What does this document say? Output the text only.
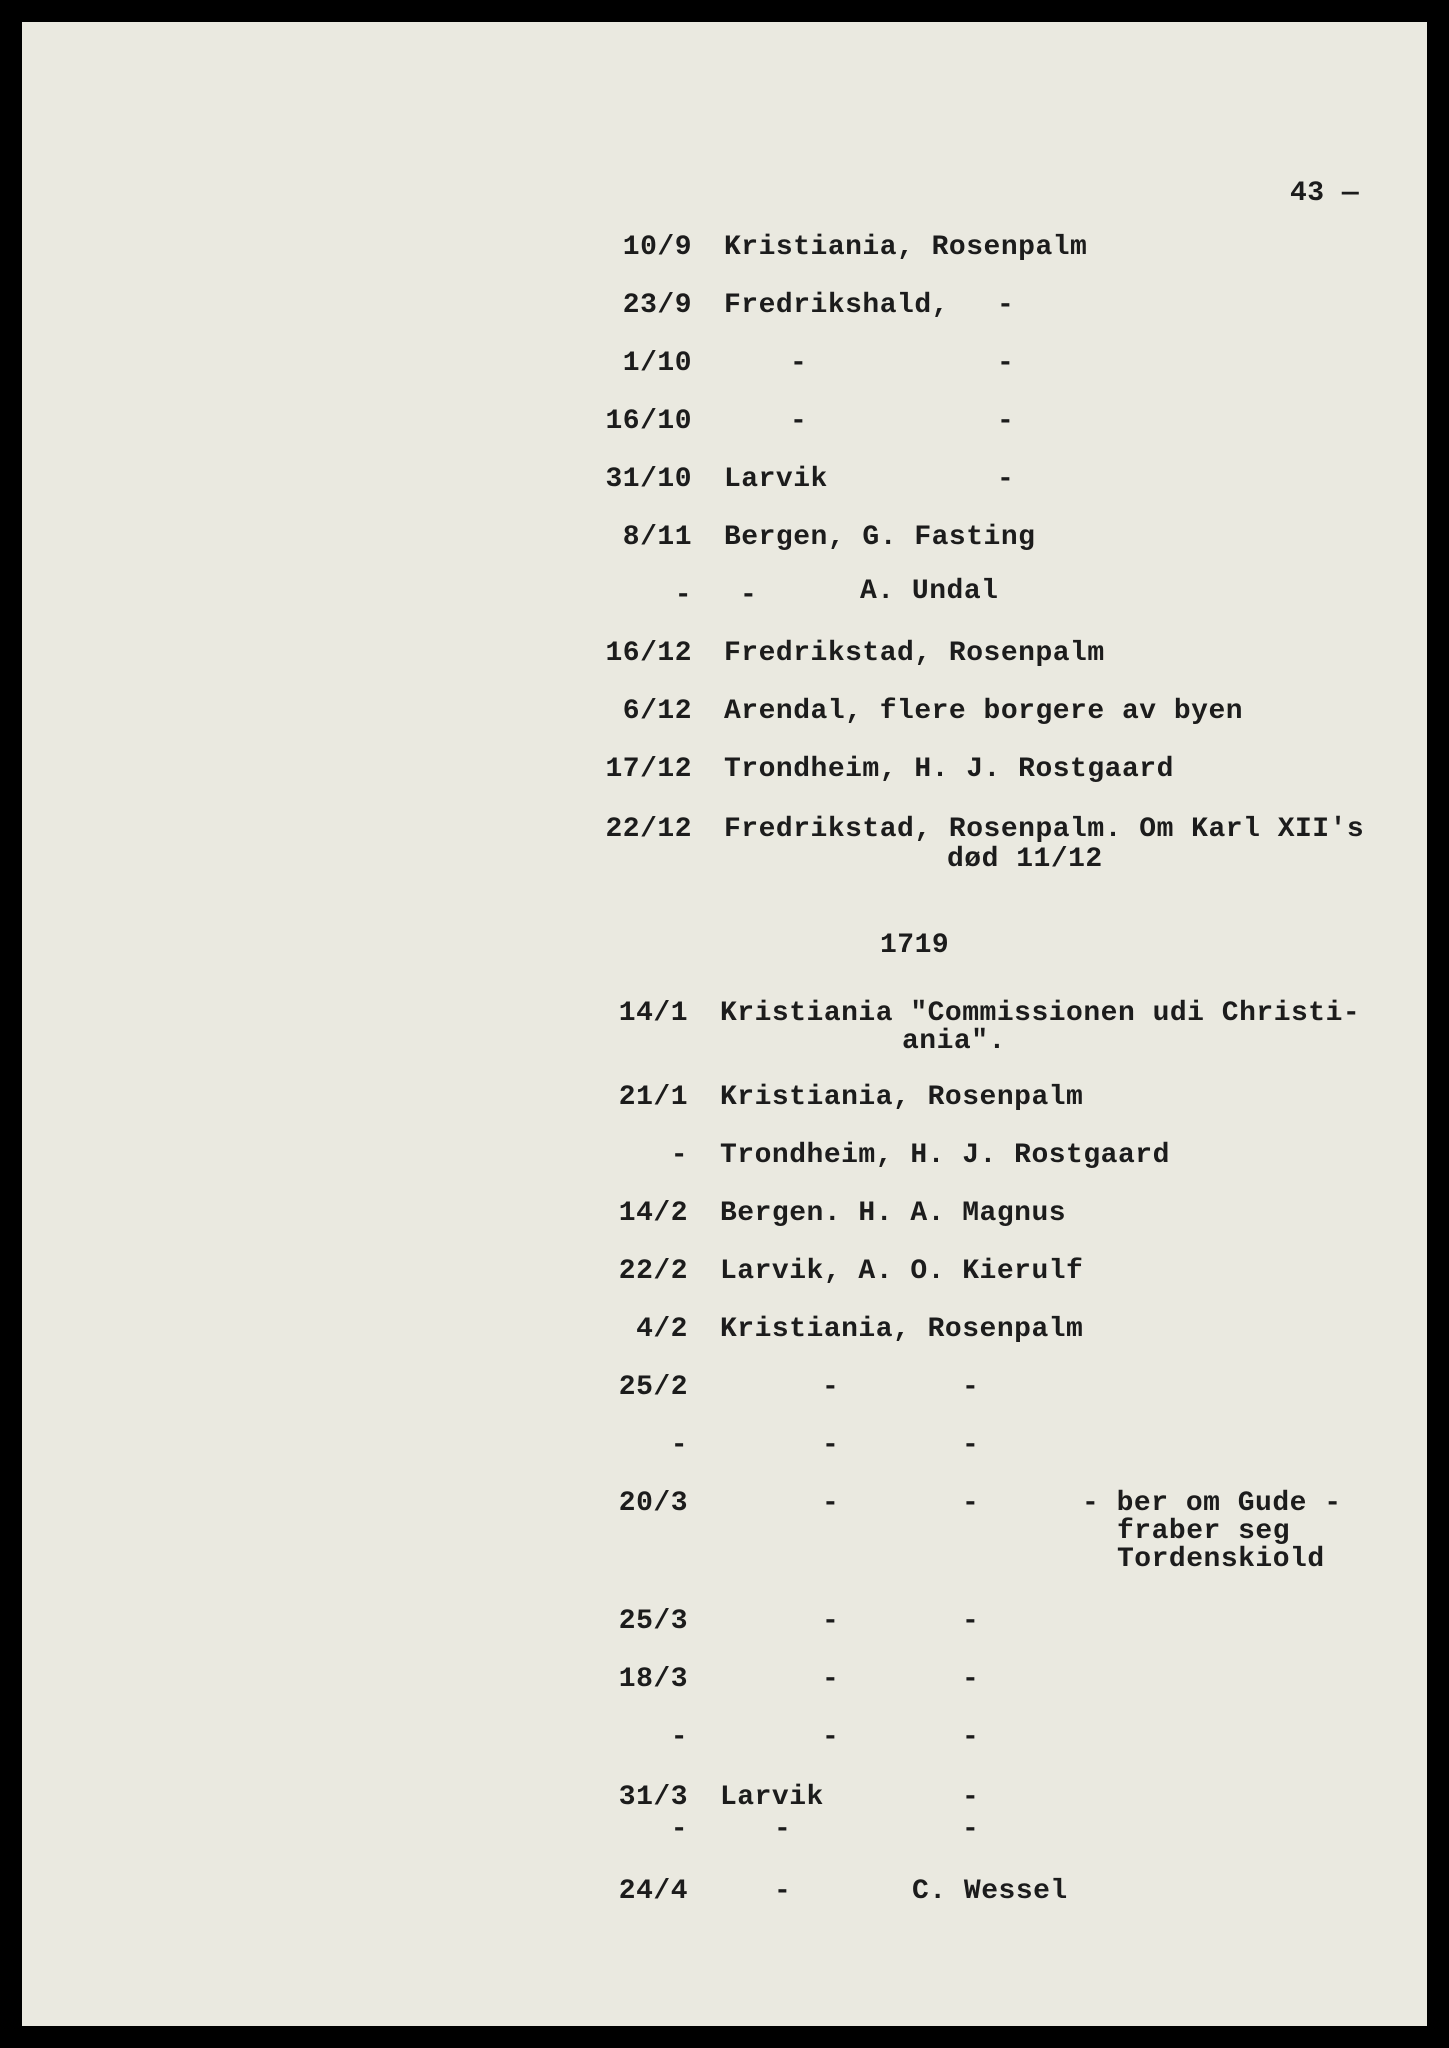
43 —
10/9 Kristiania, Rosenpalm
23/9 Fredrikshald, -
1/10	-	-
16/10	-	-
31/10 Larvik	-
8/11 Bergen, G. Fasting
- -	A. Undal
16/12 Fredrikstad, Rosenpalm
6/12 Arendal, flere borgere av byen
17/12 Trondheim, H. J. Rostgaard
22/12 Fredrikstad, Rosenpalm. Om Karl XII's
død 11/12
1719
14/1 Kristiania "Commissionen udi Christi-
ania".
21/1 Kristiania, Rosenpalm
- Trondheim, H. J. Rostgaard
14/2 Bergen. H. A. Magnus
22/2 Larvik, A. O. Kierulf
4/2 Kristiania, Rosenpalm
25/2	-	-
-	-	-
20/3	-	-	- ber om Gude -
fraber seg
Tordenskiold
25/3	-	-
18/3	-	-
-	-	-
31/3 Larvik	-
-	-	-
24/4	-	C. Wessel
